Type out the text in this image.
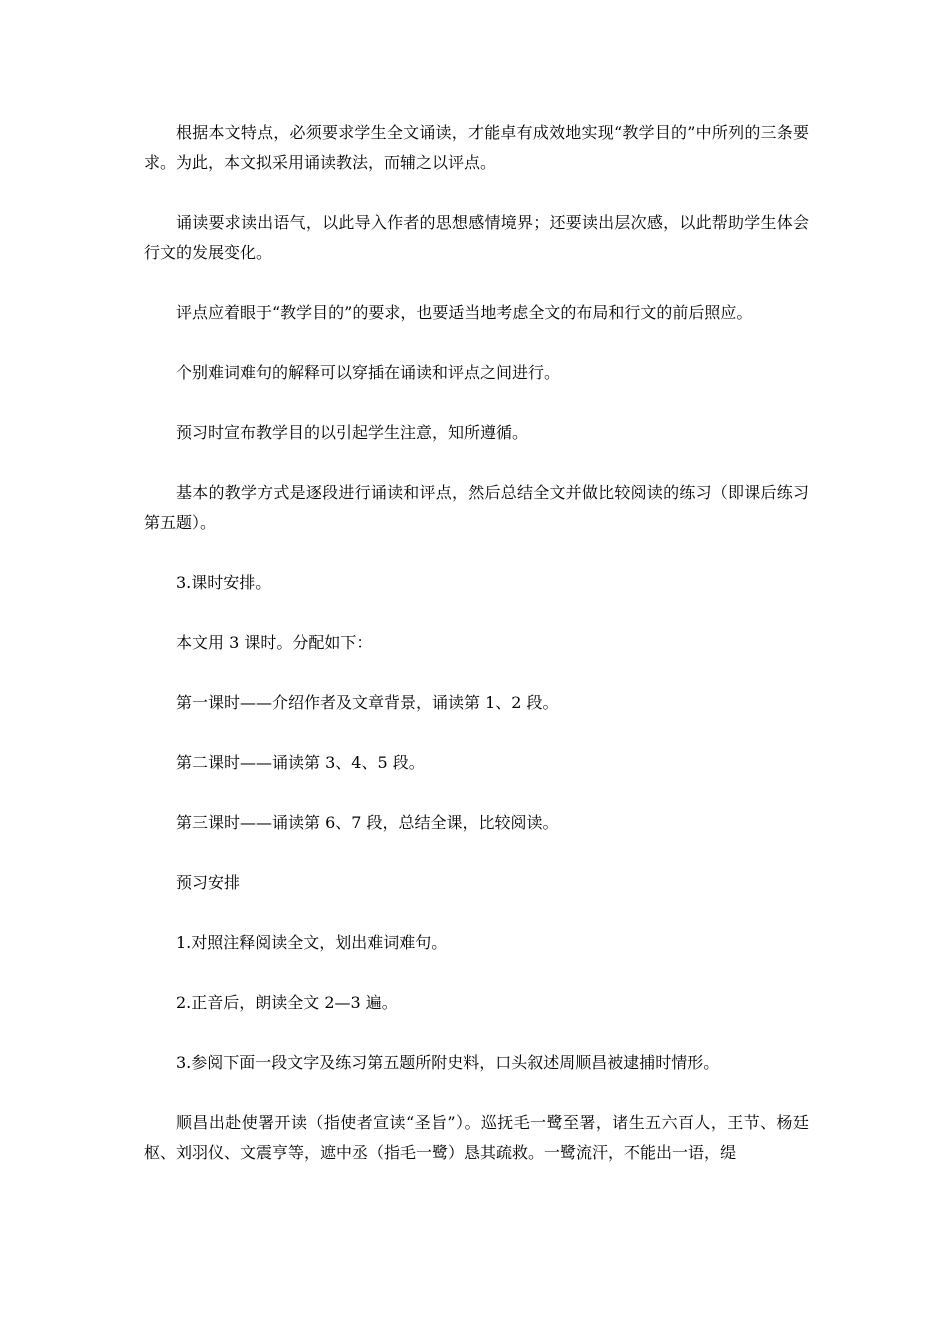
根据本文特点，必须要求学生全文诵读，才能卓有成效地实现“教学目的”中所列的三条要求。为此，本文拟采用诵读教法，而辅之以评点。

诵读要求读出语气，以此导入作者的思想感情境界；还要读出层次感，以此帮助学生体会行文的发展变化。

评点应着眼于“教学目的”的要求，也要适当地考虑全文的布局和行文的前后照应。

个别难词难句的解释可以穿插在诵读和评点之间进行。

预习时宣布教学目的以引起学生注意，知所遵循。

基本的教学方式是逐段进行诵读和评点，然后总结全文并做比较阅读的练习（即课后练习第五题）。

3.课时安排。

本文用 3 课时。分配如下：

第一课时——介绍作者及文章背景，诵读第 1、2 段。

第二课时——诵读第 3、4、5 段。

第三课时——诵读第 6、7 段，总结全课，比较阅读。

预习安排

1.对照注释阅读全文，划出难词难句。

2.正音后，朗读全文 2—3 遍。

3.参阅下面一段文字及练习第五题所附史料，口头叙述周顺昌被逮捕时情形。

顺昌出赴使署开读（指使者宣读“圣旨”）。巡抚毛一鹭至署，诸生五六百人，王节、杨廷枢、刘羽仪、文震亨等，遮中丞（指毛一鹭）恳其疏救。一鹭流汗，不能出一语，缇
